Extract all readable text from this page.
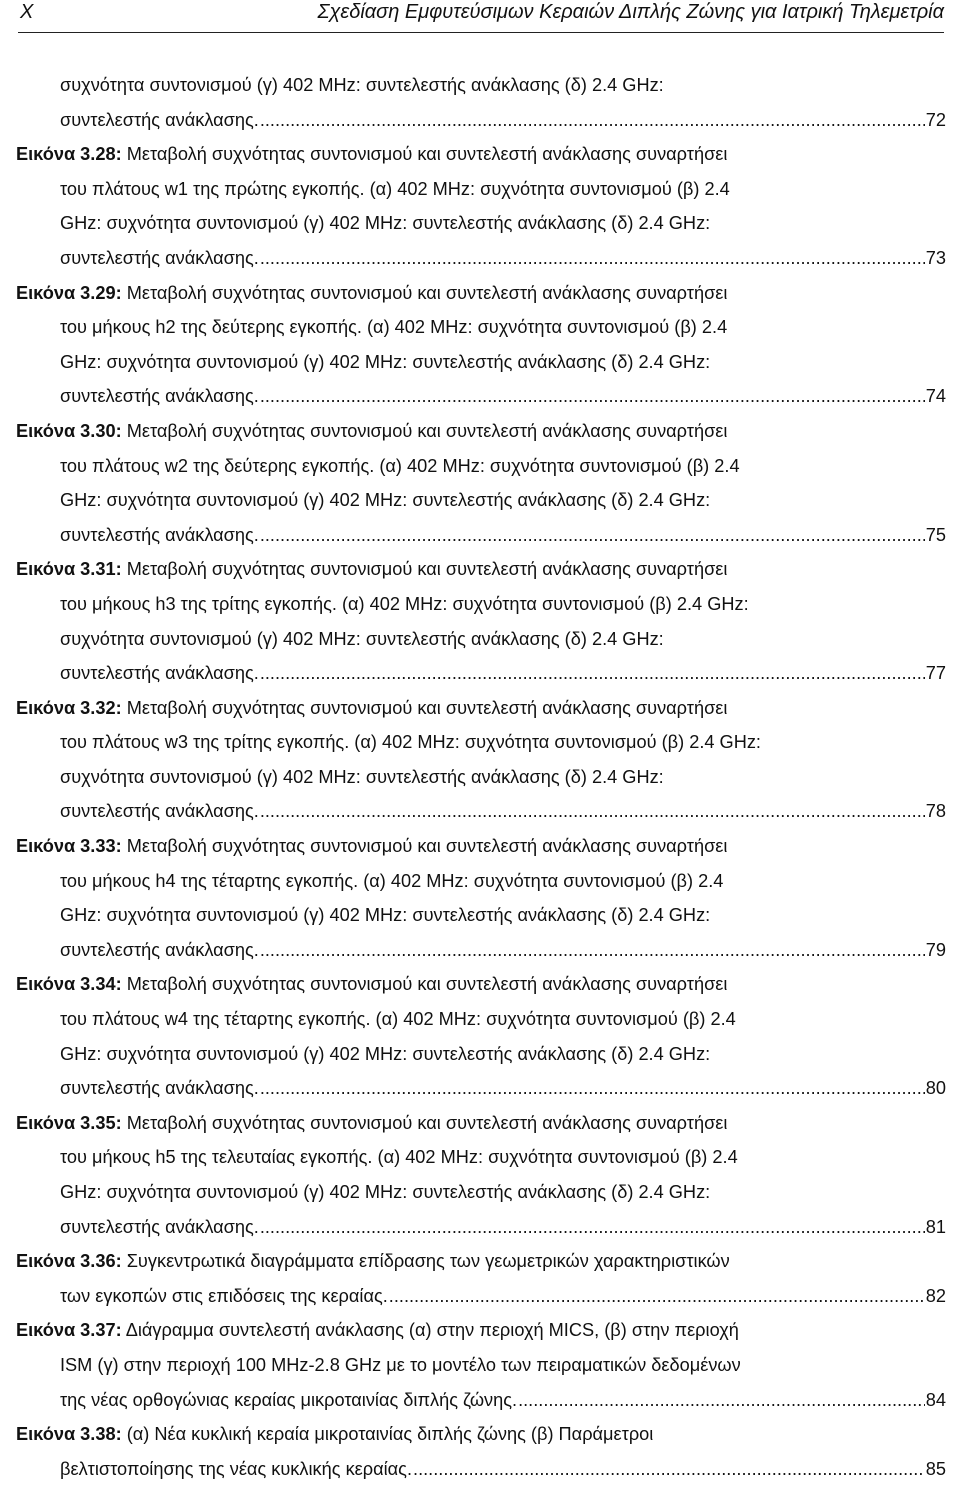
X	Σχεδίαση Εμφυτεύσιμων Κεραιών Διπλής Ζώνης για Ιατρική Τηλεμετρία
συχνότητα συντονισμού (γ) 402 MHz: συντελεστής ανάκλασης (δ) 2.4 GHz:
συντελεστής ανάκλασης. .....	72
Εικόνα 3.28: Μεταβολή συχνότητας συντονισμού και συντελεστή ανάκλασης συναρτήσει
του πλάτους w1 της πρώτης εγκοπής. (α) 402 MHz: συχνότητα συντονισμού (β) 2.4
GHz: συχνότητα συντονισμού (γ) 402 MHz: συντελεστής ανάκλασης (δ) 2.4 GHz:
συντελεστής ανάκλασης. .....	73
Εικόνα 3.29: Μεταβολή συχνότητας συντονισμού και συντελεστή ανάκλασης συναρτήσει
του μήκους h2 της δεύτερης εγκοπής. (α) 402 MHz: συχνότητα συντονισμού (β) 2.4
GHz: συχνότητα συντονισμού (γ) 402 MHz: συντελεστής ανάκλασης (δ) 2.4 GHz:
συντελεστής ανάκλασης. .....	74
Εικόνα 3.30: Μεταβολή συχνότητας συντονισμού και συντελεστή ανάκλασης συναρτήσει
του πλάτους w2 της δεύτερης εγκοπής. (α) 402 MHz: συχνότητα συντονισμού (β) 2.4
GHz: συχνότητα συντονισμού (γ) 402 MHz: συντελεστής ανάκλασης (δ) 2.4 GHz:
συντελεστής ανάκλασης. .....	75
Εικόνα 3.31: Μεταβολή συχνότητας συντονισμού και συντελεστή ανάκλασης συναρτήσει
του μήκους h3 της τρίτης εγκοπής. (α) 402 MHz: συχνότητα συντονισμού (β) 2.4 GHz:
συχνότητα συντονισμού (γ) 402 MHz: συντελεστής ανάκλασης (δ) 2.4 GHz:
συντελεστής ανάκλασης. .....	77
Εικόνα 3.32: Μεταβολή συχνότητας συντονισμού και συντελεστή ανάκλασης συναρτήσει
του πλάτους w3 της τρίτης εγκοπής. (α) 402 MHz: συχνότητα συντονισμού (β) 2.4 GHz:
συχνότητα συντονισμού (γ) 402 MHz: συντελεστής ανάκλασης (δ) 2.4 GHz:
συντελεστής ανάκλασης. .....	78
Εικόνα 3.33: Μεταβολή συχνότητας συντονισμού και συντελεστή ανάκλασης συναρτήσει
του μήκους h4 της τέταρτης εγκοπής. (α) 402 MHz: συχνότητα συντονισμού (β) 2.4
GHz: συχνότητα συντονισμού (γ) 402 MHz: συντελεστής ανάκλασης (δ) 2.4 GHz:
συντελεστής ανάκλασης. .....	79
Εικόνα 3.34: Μεταβολή συχνότητας συντονισμού και συντελεστή ανάκλασης συναρτήσει
του πλάτους w4 της τέταρτης εγκοπής. (α) 402 MHz: συχνότητα συντονισμού (β) 2.4
GHz: συχνότητα συντονισμού (γ) 402 MHz: συντελεστής ανάκλασης (δ) 2.4 GHz:
συντελεστής ανάκλασης. .....	80
Εικόνα 3.35: Μεταβολή συχνότητας συντονισμού και συντελεστή ανάκλασης συναρτήσει
του μήκους h5 της τελευταίας εγκοπής. (α) 402 MHz: συχνότητα συντονισμού (β) 2.4
GHz: συχνότητα συντονισμού (γ) 402 MHz: συντελεστής ανάκλασης (δ) 2.4 GHz:
συντελεστής ανάκλασης. .....	81
Εικόνα 3.36: Συγκεντρωτικά διαγράμματα επίδρασης των γεωμετρικών χαρακτηριστικών
των εγκοπών στις επιδόσεις της κεραίας. .....	82
Εικόνα 3.37: Διάγραμμα συντελεστή ανάκλασης (α) στην περιοχή MICS, (β) στην περιοχή
ISM (γ) στην περιοχή 100 MHz-2.8 GHz με το μοντέλο των πειραματικών δεδομένων
της νέας ορθογώνιας κεραίας μικροταινίας διπλής ζώνης. .....	84
Εικόνα 3.38: (α) Νέα κυκλική κεραία μικροταινίας διπλής ζώνης (β) Παράμετροι
βελτιστοποίησης της νέας κυκλικής κεραίας. .....	85
